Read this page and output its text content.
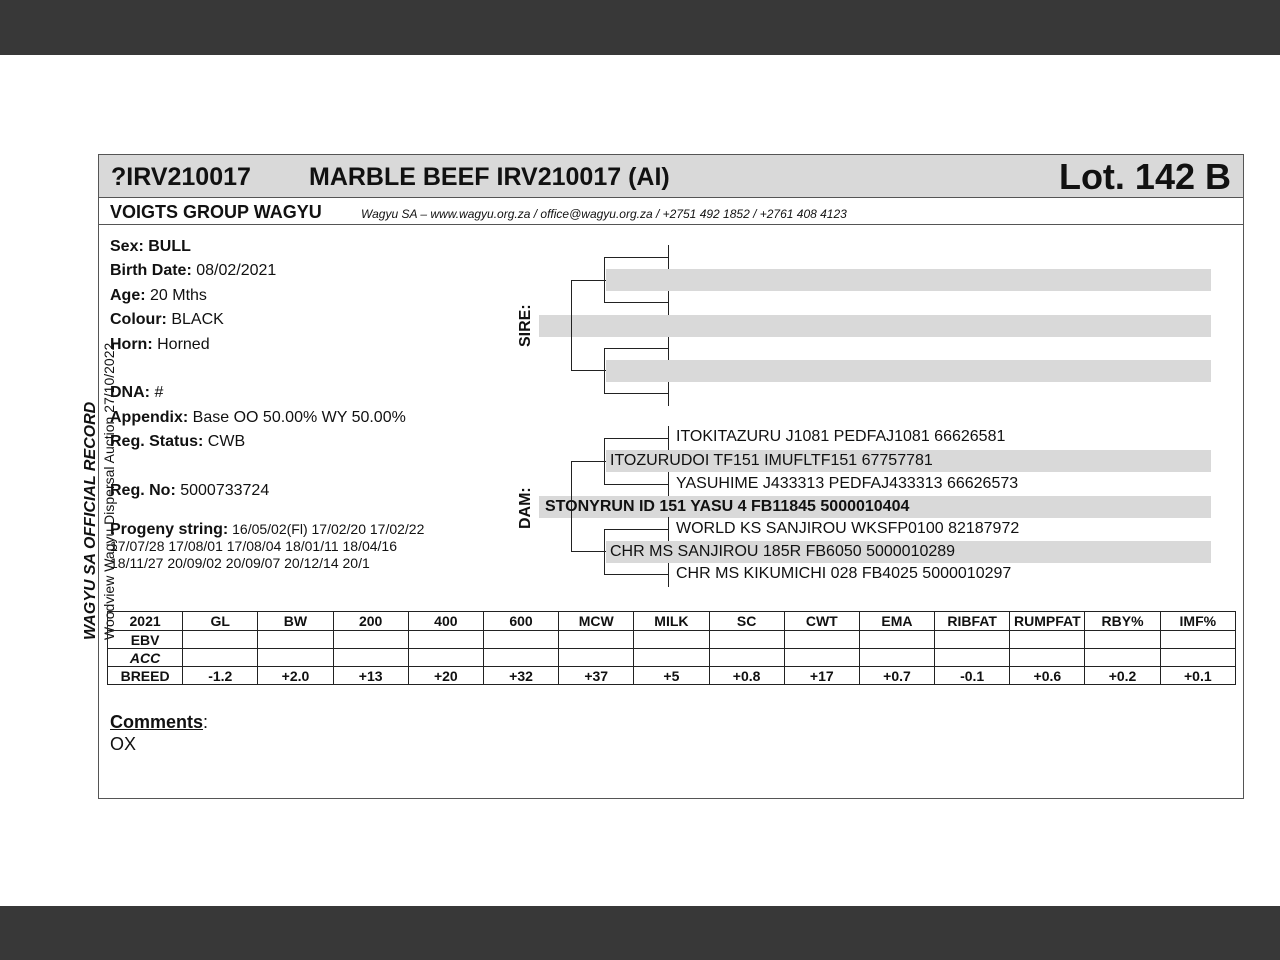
WAGYU SA OFFICIAL RECORD Woodview Wagyu Dispersal Auction 27/10/2022
?IRV210017 MARBLE BEEF IRV210017 (AI)	Lot. 142 B
VOIGTS GROUP WAGYU	Wagyu SA – www.wagyu.org.za / office@wagyu.org.za / +2751 492 1852 / +2761 408 4123
Sex: BULL
Birth Date: 08/02/2021
Age: 20 Mths
Colour: BLACK
Horn: Horned
DNA: #
Appendix: Base OO 50.00% WY 50.00%
Reg. Status: CWB
Reg. No: 5000733724
Progeny string: 16/05/02(Fl) 17/02/20 17/02/22
17/07/28 17/08/01 17/08/04 18/01/11 18/04/16
18/11/27 20/09/02 20/09/07 20/12/14 20/1
SIRE:
DAM:
ITOKITAZURU J1081 PEDFAJ1081 66626581
ITOZURUDOI TF151 IMUFLTF151 67757781
YASUHIME J433313 PEDFAJ433313 66626573
STONYRUN ID 151 YASU 4 FB11845 5000010404
WORLD KS SANJIROU WKSFP0100 82187972
CHR MS SANJIROU 185R FB6050 5000010289
CHR MS KIKUMICHI 028 FB4025 5000010297
2021	GL	BW	200	400	600	MCW	MILK	SC	CWT	EMA	RIBFAT	RUMPFAT	RBY%	IMF%
EBV														
ACC														
BREED	-1.2	+2.0	+13	+20	+32	+37	+5	+0.8	+17	+0.7	-0.1	+0.6	+0.2	+0.1
Comments:
OX
